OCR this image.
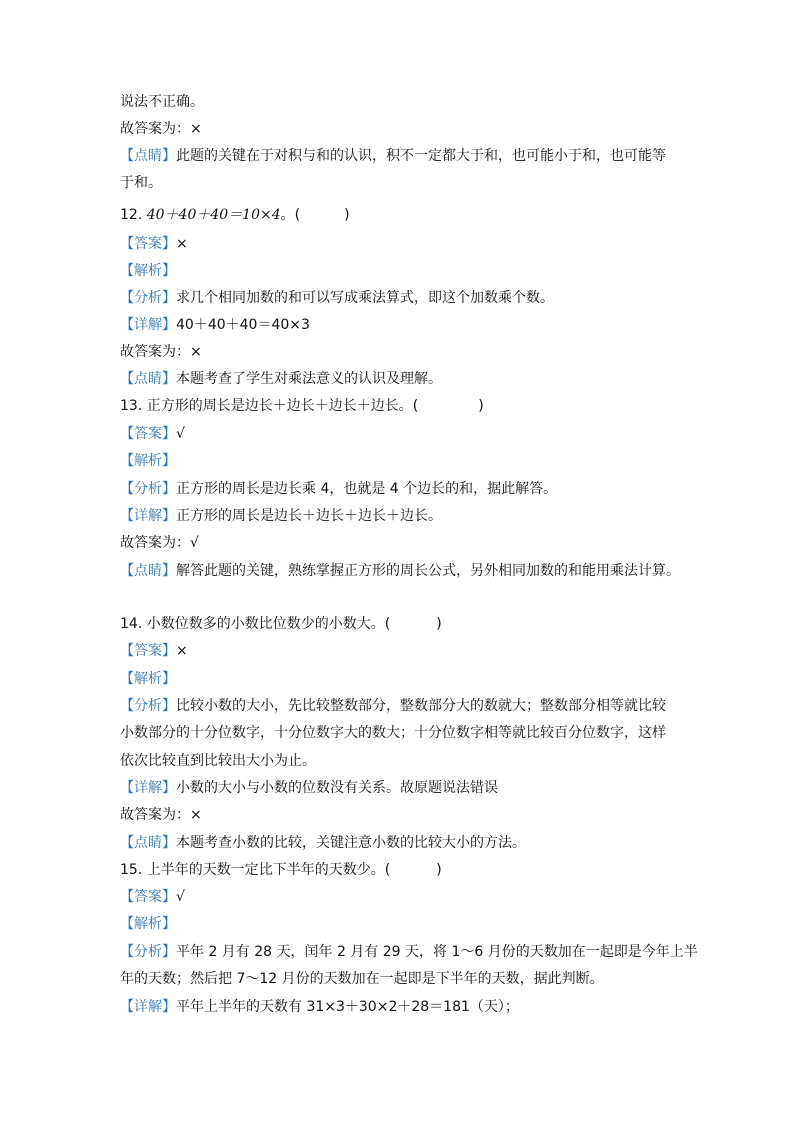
说法不正确。
故答案为：×
【点睛】此题的关键在于对积与和的认识，积不一定都大于和，也可能小于和，也可能等
于和。
12. 40＋40＋40＝10×4。(	)
【答案】×
【解析】
【分析】求几个相同加数的和可以写成乘法算式，即这个加数乘个数。
【详解】40＋40＋40＝40×3
故答案为：×
【点睛】本题考查了学生对乘法意义的认识及理解。
13. 正方形的周长是边长＋边长＋边长＋边长。(	)
【答案】√
【解析】
【分析】正方形的周长是边长乘 4，也就是 4 个边长的和，据此解答。
【详解】正方形的周长是边长＋边长＋边长＋边长。
故答案为：√
【点睛】解答此题的关键，熟练掌握正方形的周长公式，另外相同加数的和能用乘法计算。
14. 小数位数多的小数比位数少的小数大。(	)
【答案】×
【解析】
【分析】比较小数的大小，先比较整数部分，整数部分大的数就大；整数部分相等就比较
小数部分的十分位数字，十分位数字大的数大；十分位数字相等就比较百分位数字，这样
依次比较直到比较出大小为止。
【详解】小数的大小与小数的位数没有关系。故原题说法错误
故答案为：×
【点睛】本题考查小数的比较，关键注意小数的比较大小的方法。
15. 上半年的天数一定比下半年的天数少。(	)
【答案】√
【解析】
【分析】平年 2 月有 28 天，闰年 2 月有 29 天，将 1～6 月份的天数加在一起即是今年上半
年的天数；然后把 7～12 月份的天数加在一起即是下半年的天数，据此判断。
【详解】平年上半年的天数有 31×3＋30×2＋28＝181（天）；
